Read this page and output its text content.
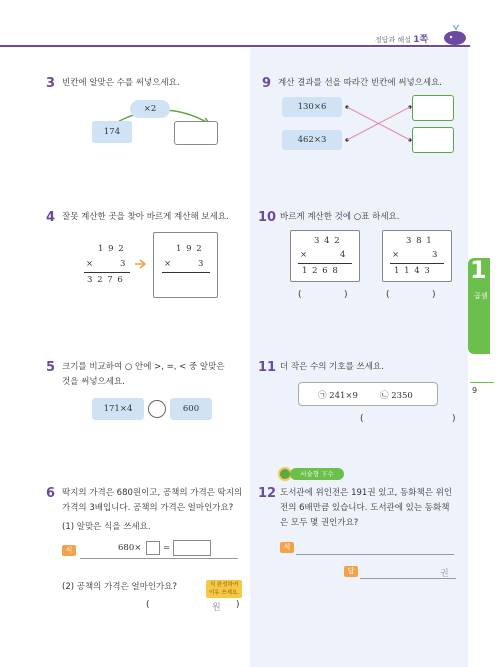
정답과 해설 1쪽
1
곱셈
9
3 빈칸에 알맞은 수를 써넣으세요.
×2
174
4 잘못 계산한 곳을 찾아 바르게 계산해 보세요.
1 9 2
×	3
3 2 7 6
1 9 2
×	3
5 크기를 비교하여 ○ 안에 >, =, < 중 알맞은
것을 써넣으세요.
171×4	600
6 딱지의 가격은 680원이고, 공책의 가격은 딱지의
가격의 3배입니다. 공책의 가격은 얼마인가요?
(1) 알맞은 식을 쓰세요.
식	680×	=
(2) 공책의 가격은 얼마인가요?	식 완성하여
이유 쓰세요.
(	원 )
9 계산 결과를 선을 따라간 빈칸에 써넣으세요.
130×6
462×3
10 바르게 계산한 것에 ○표 하세요.
3 4 2
×	4
1 2 6 8
3 8 1
×	3
1 1 4 3
(	)	(	)
11 더 작은 수의 기호를 쓰세요.
㉠ 241×9	㉡ 2350
(	)
서술형 下수
12 도서관에 위인전은 191권 있고, 동화책은 위인
전의 6배만큼 있습니다. 도서관에 있는 동화책
은 모두 몇 권인가요?
식
답	권
